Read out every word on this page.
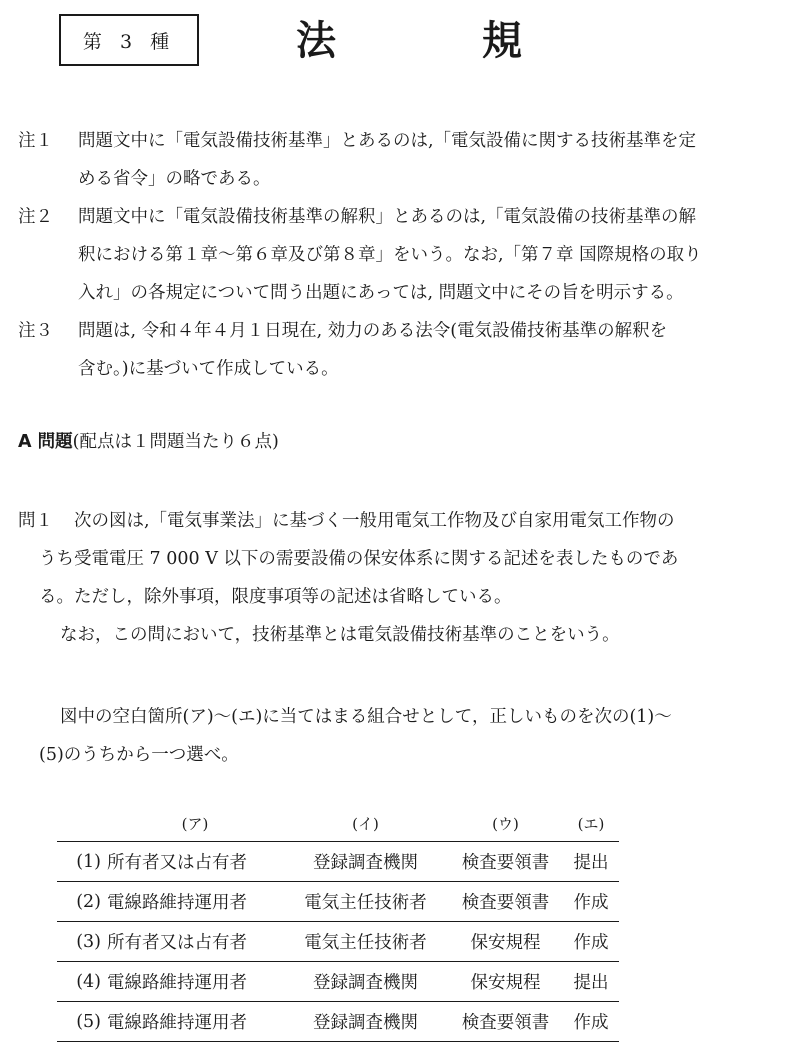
第 3 種	法	規
注１	問題文中に「電気設備技術基準」とあるのは,「電気設備に関する技術基準を定
める省令」の略である。
注２	問題文中に「電気設備技術基準の解釈」とあるのは,「電気設備の技術基準の解
釈における第１章～第６章及び第８章」をいう。なお,「第７章 国際規格の取り
入れ」の各規定について問う出題にあっては, 問題文中にその旨を明示する。
注３	問題は, 令和４年４月１日現在, 効力のある法令(電気設備技術基準の解釈を
含む。)に基づいて作成している。
A 問題(配点は１問題当たり６点)
問１ 次の図は,「電気事業法」に基づく一般用電気工作物及び自家用電気工作物の
うち受電電圧 7 000 V 以下の需要設備の保安体系に関する記述を表したものであ
る。ただし，除外事項，限度事項等の記述は省略している。
なお，この問において，技術基準とは電気設備技術基準のことをいう。
図中の空白箇所(ア)～(エ)に当てはまる組合せとして，正しいものを次の(1)～
(5)のうちから一つ選べ。
	(ア)	(イ)	(ウ)	(エ)
(1)	所有者又は占有者	登録調査機関	検査要領書	提出
(2)	電線路維持運用者	電気主任技術者	検査要領書	作成
(3)	所有者又は占有者	電気主任技術者	保安規程	作成
(4)	電線路維持運用者	登録調査機関	保安規程	提出
(5)	電線路維持運用者	登録調査機関	検査要領書	作成
